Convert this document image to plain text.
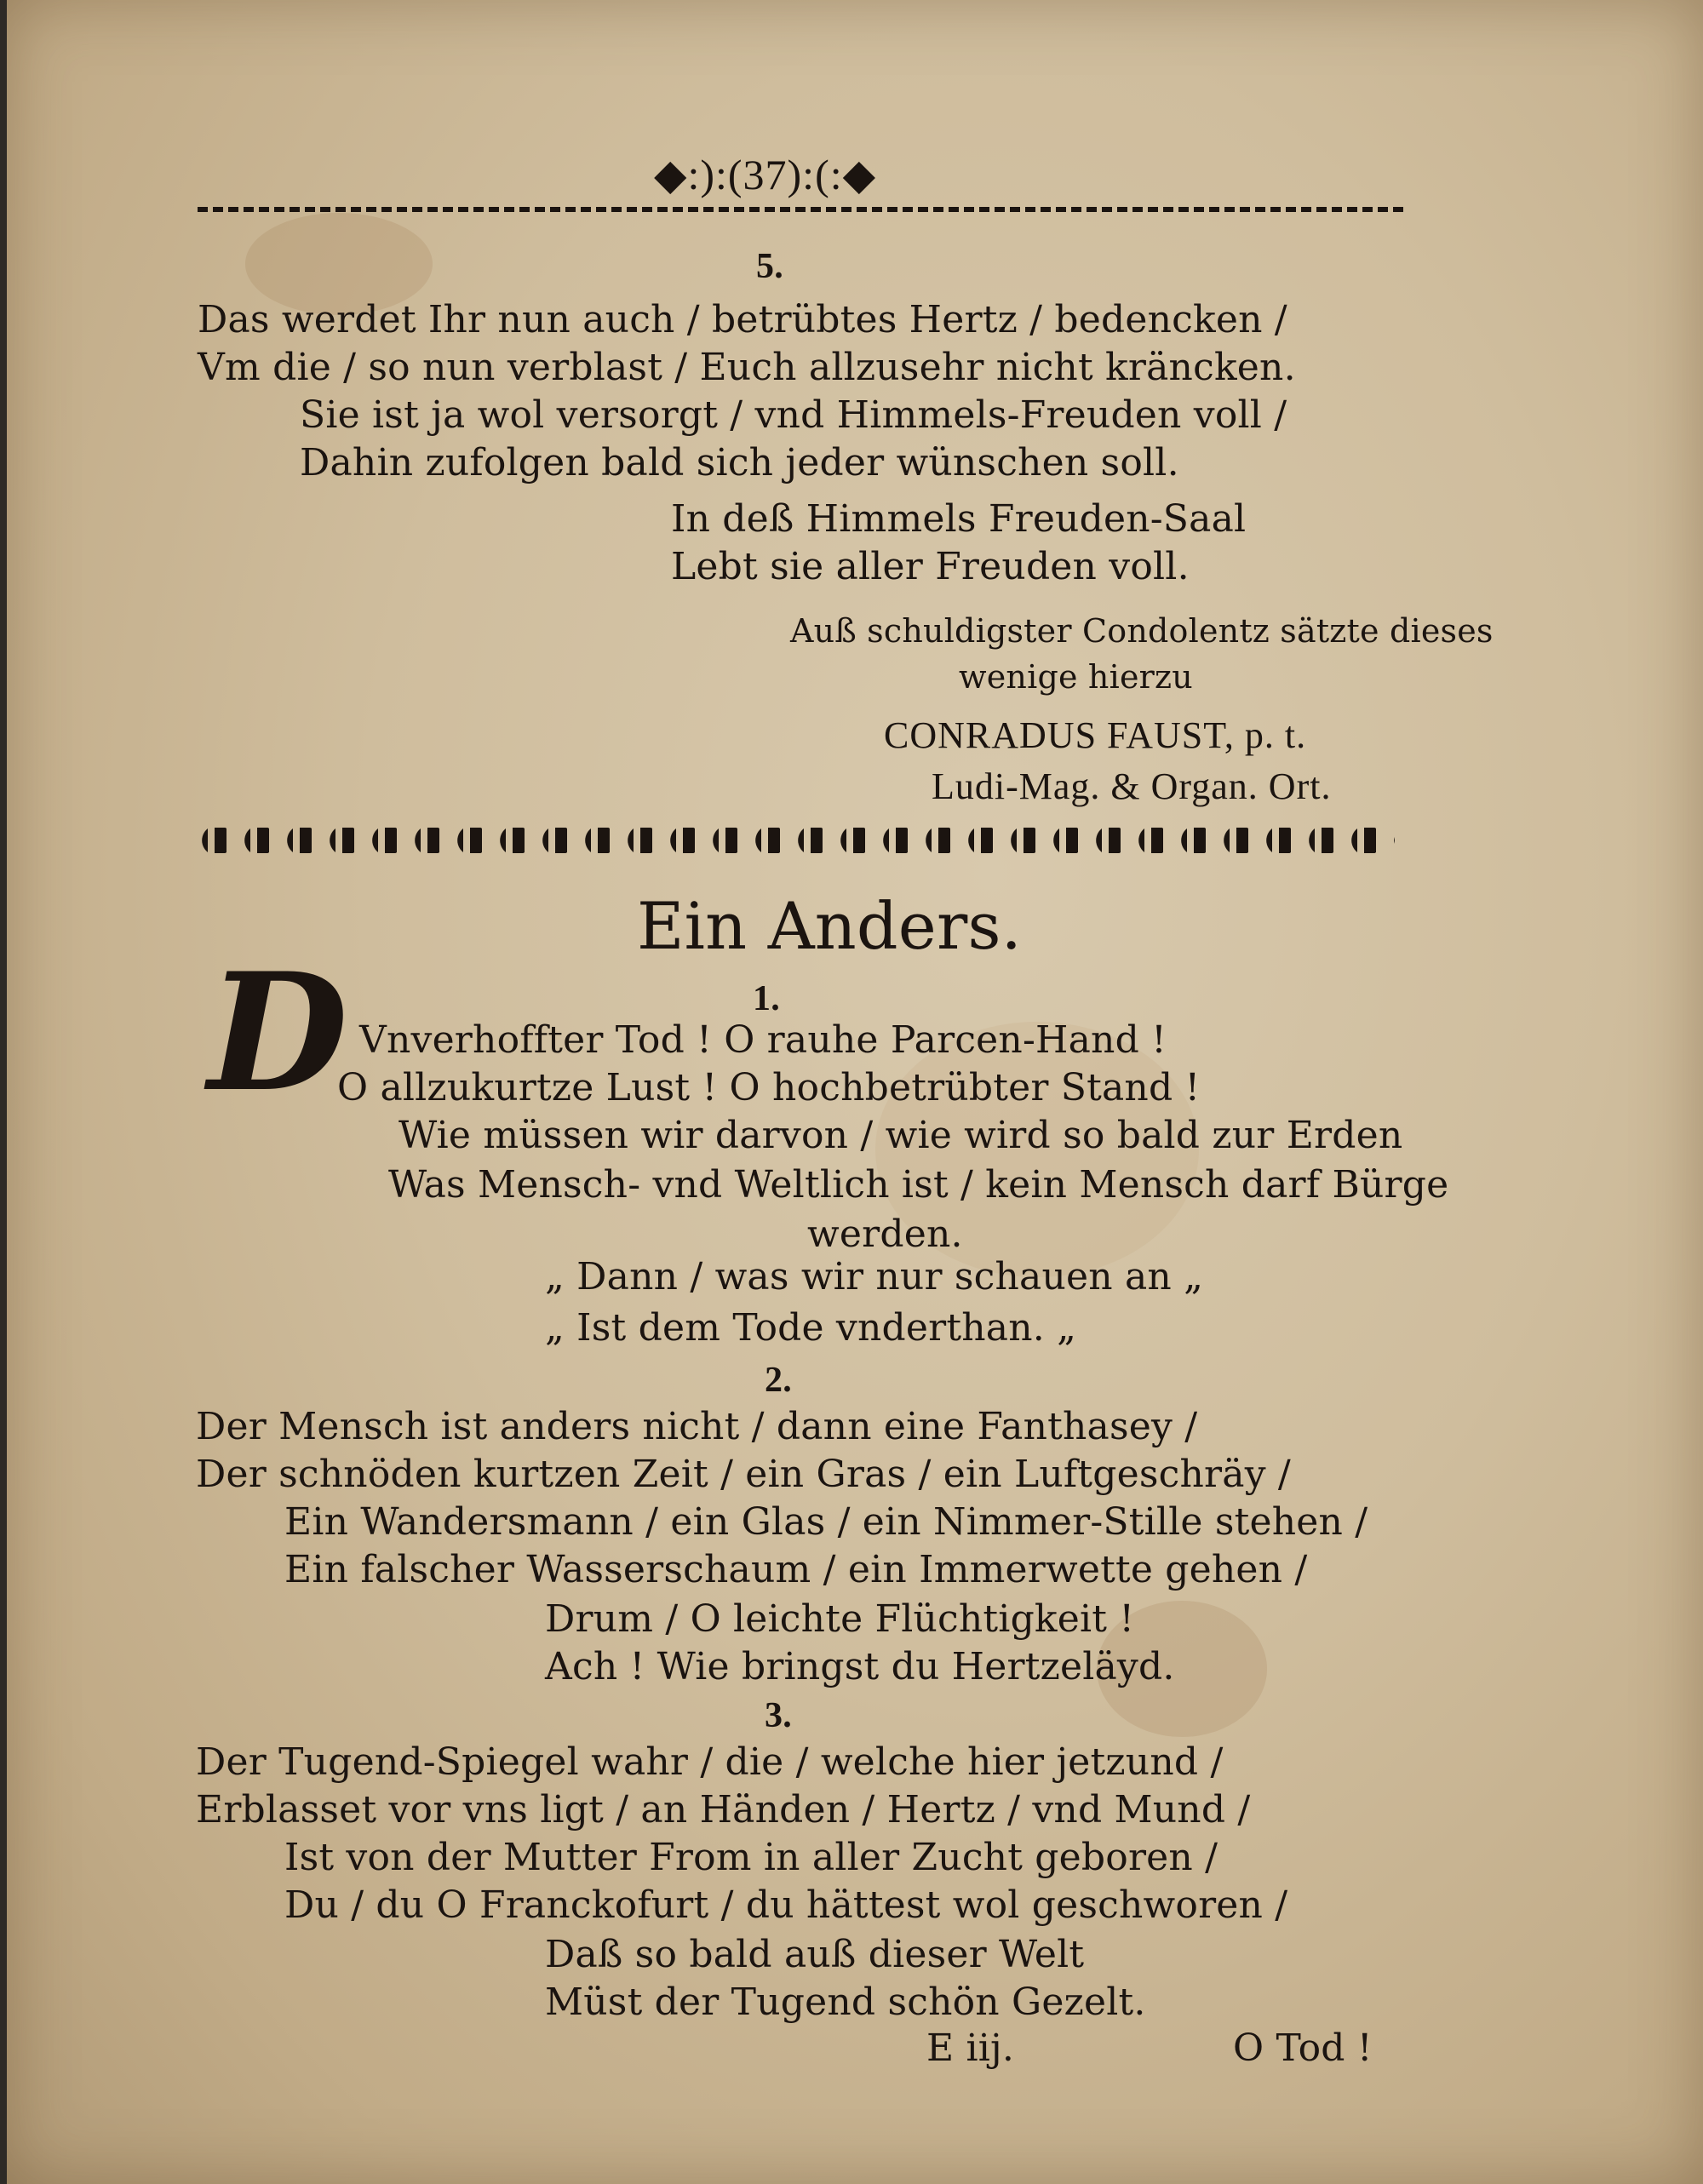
◆:):(37):(:◆
5.
Das werdet Ihr nun auch / betrübtes Hertz / bedencken /
Vm die / so nun verblast / Euch allzusehr nicht kräncken.
Sie ist ja wol versorgt / vnd Himmels-Freuden voll /
Dahin zufolgen bald sich jeder wünschen soll.
In deß Himmels Freuden-Saal
Lebt sie aller Freuden voll.
Auß schuldigster Condolentz sätzte dieses
wenige hierzu
CONRADUS FAUST, p. t.
Ludi-Mag. & Organ. Ort.
Ein Anders.
D	1.
Vnverhoffter Tod ! O rauhe Parcen-Hand !
O allzukurtze Lust ! O hochbetrübter Stand !
Wie müssen wir darvon / wie wird so bald zur Erden
Was Mensch- vnd Weltlich ist / kein Mensch darf Bürge
werden.
„ Dann / was wir nur schauen an „
„ Ist dem Tode vnderthan. „
2.
Der Mensch ist anders nicht / dann eine Fanthasey /
Der schnöden kurtzen Zeit / ein Gras / ein Luftgeschräy /
Ein Wandersmann / ein Glas / ein Nimmer-Stille stehen /
Ein falscher Wasserschaum / ein Immerwette gehen /
Drum / O leichte Flüchtigkeit !
Ach ! Wie bringst du Hertzeläyd.
3.
Der Tugend-Spiegel wahr / die / welche hier jetzund /
Erblasset vor vns ligt / an Händen / Hertz / vnd Mund /
Ist von der Mutter From in aller Zucht geboren /
Du / du O Franckofurt / du hättest wol geschworen /
Daß so bald auß dieser Welt
Müst der Tugend schön Gezelt.
E iij.	O Tod !
